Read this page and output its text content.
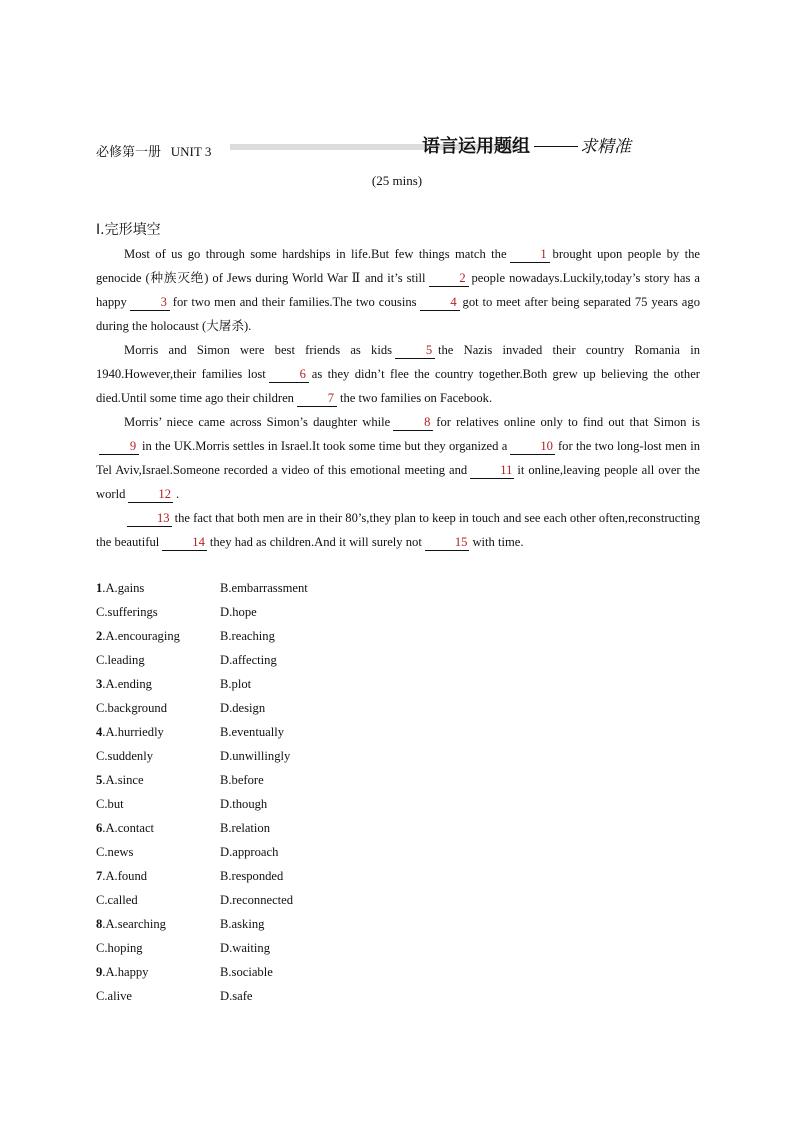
必修第一册 UNIT 3	语言运用题组	求精准
(25 mins)
Ⅰ.完形填空

Most of us go through some hardships in life.But few things match the	1 brought upon people by the genocide (种族灭绝) of Jews during World War Ⅱ and it’s still	2 people nowadays.Luckily,today’s story has a happy	3 for two men and their families.The two cousins	4 got to meet after being separated 75 years ago during the holocaust (大屠杀).

Morris and Simon were best friends as kids	5 the Nazis invaded their country Romania in 1940.However,their families lost	6 as they didn’t flee the country together.Both grew up believing the other died.Until some time ago their children	7 the two families on Facebook.

Morris’ niece came across Simon’s daughter while	8 for relatives online only to find out that Simon is9 in the UK.Morris settles in Israel.It took some time but they organized a	10 for the two long-lost men in Tel Aviv,Israel.Someone recorded a video of this emotional meeting and	11 it online,leaving people all over the world	12 .

13 the fact that both men are in their 80’s,they plan to keep in touch and see each other often,reconstructing the beautiful	14 they had as children.And it will surely not	15 with time.

1.A.gains	B.embarrassment
C.sufferings	D.hope
2.A.encouraging	B.reaching
C.leading	D.affecting
3.A.ending	B.plot
C.background	D.design
4.A.hurriedly	B.eventually
C.suddenly	D.unwillingly
5.A.since	B.before
C.but	D.though
6.A.contact	B.relation
C.news	D.approach
7.A.found	B.responded
C.called	D.reconnected
8.A.searching	B.asking
C.hoping	D.waiting
9.A.happy	B.sociable
C.alive	D.safe
